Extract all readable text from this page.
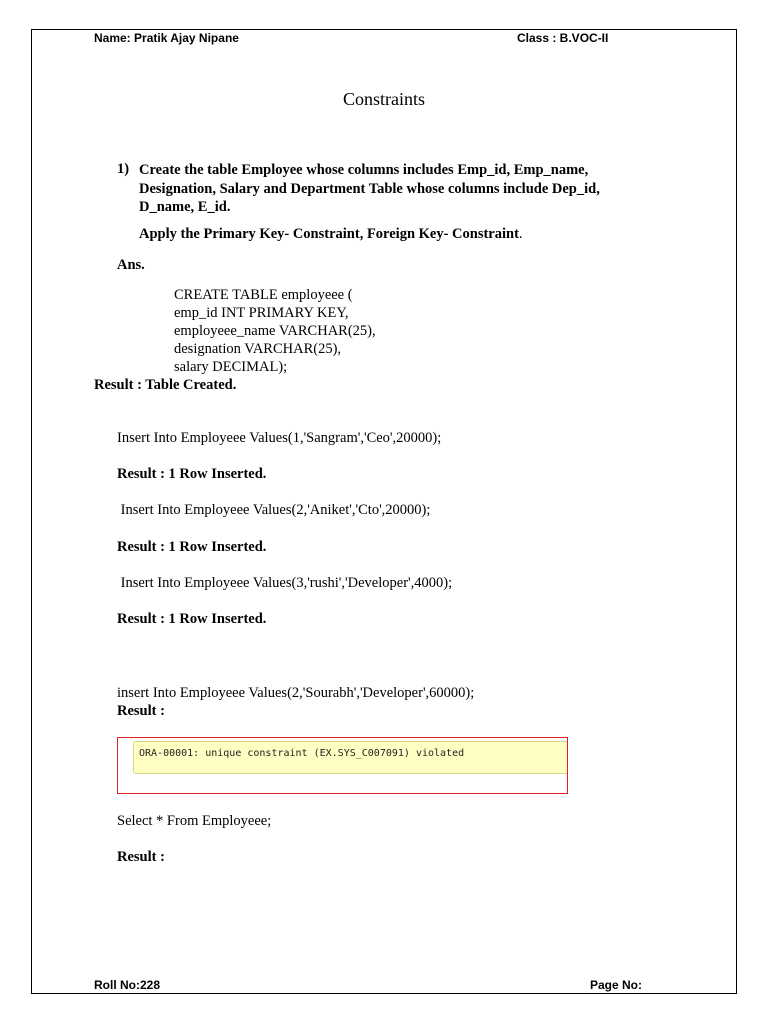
Name: Pratik Ajay Nipane	Class : B.VOC-II
Constraints
1) Create the table Employee whose columns includes Emp_id, Emp_name,
Designation, Salary and Department Table whose columns include Dep_id,
D_name, E_id.
Apply the Primary Key- Constraint, Foreign Key- Constraint.
Ans.
CREATE TABLE employeee (
emp_id INT PRIMARY KEY,
employeee_name VARCHAR(25),
designation VARCHAR(25),
salary DECIMAL);
Result : Table Created.
Insert Into Employeee Values(1,'Sangram','Ceo',20000);
Result : 1 Row Inserted.
Insert Into Employeee Values(2,'Aniket','Cto',20000);
Result : 1 Row Inserted.
Insert Into Employeee Values(3,'rushi','Developer',4000);
Result : 1 Row Inserted.
insert Into Employeee Values(2,'Sourabh','Developer',60000);
Result :
ORA-00001: unique constraint (EX.SYS_C007091) violated
Select * From Employeee;
Result :
Roll No:228	Page No:
